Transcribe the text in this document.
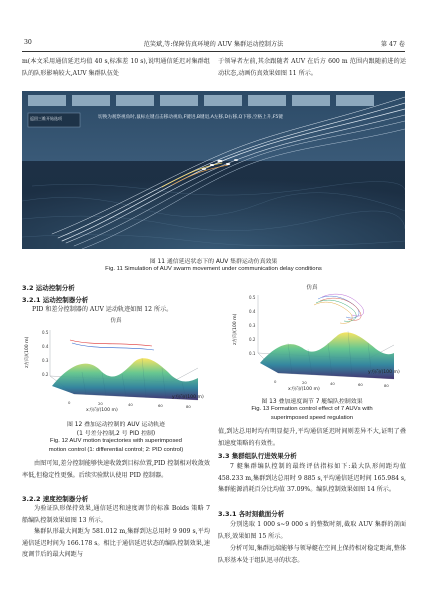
30	范笑斌,等:保障仿真环境的 AUV 集群运动控制方法	第 47 卷
m(本文采用通信延迟均值 40 s,标准差 10 s),说明通信延迟对集群组队的队形影响较大,AUV 集群队伍处
于领导者左前,其余跟随者 AUV 在后方 600 m 范围内跟随前进的运动状态,动画仿真效果如图 11 所示。
返回三维开始选项	切换为观察视角时,鼠标左键点击移动视角,F键进,B键退,A左移,D右移,Q下移,空格上升,F5键
图 11 通信延迟状态下的 AUV 集群运动仿真效果
Fig. 11 Simulation of AUV swarm movement under communication delay conditions
3.2 运动控制分析
3.2.1 运动控制器分析
PID 和差分控制器的 AUV 运动轨迹如图 12 所示。
仿真
0.5
0.4
0.3
0.2
0	20	40	60	80
z方向/(100 m)
x方向/(100 m)
y方向/(100 m)
图 12 叠加运动控制的 AUV 运动轨迹
(1 号差分控制,2 号 PID 控制)
Fig. 12 AUV motion trajectories with superimposed
motion control (1: differential control; 2: PID control)
由图可知,差分控制能够快速收敛到目标位置,PID 控制相对收敛效率低,但稳定性更强。后续实验默认使用 PID 控制器。
3.2.2 速度控制器分析
为验证队形保持效果,通信延迟和速度调节的标准 Boids 策略 7 船编队控制效果如图 13 所示。
集群队形最大间距为 581.012 m,集群到达总用时 9 909 s,平均通信延迟时间为 166.178 s。相比于通信延迟状态的编队控制效果,速度调节后的最大间距与
仿真
0.5
0.4
0.3
0.2
0.1
0	20	40	60	80
z方向/(100 m)
x方向/(100 m)
y方向/(100 m)
图 13 叠加速度调节 7 艇编队控制效果
Fig. 13 Formation control effect of 7 AUVs with
superimposed speed regulation
值,到达总用时均有明显提升,平均通信延迟时间则差异不大,证明了叠加速度策略的有效性。
3.3 集群组队行进效果分析
7 艇集群编队控制的最终评估指标如下:最大队形间距均值 458.233 m,集群到达总用时 9 885 s,平均通信延迟时间 165.984 s,集群能源消耗百分比均值 37.09%。编队控制效果如图 14 所示。
3.3.1 各时刻截面分析
分别选取 1 000 s~9 000 s 的整数时刻,截取 AUV 集群的剖面队形,效果如图 15 所示。
分析可知,集群远端能够与领导艇在空间上保持相对稳定距离,整体队形基本处于组队迅寻的状态。
